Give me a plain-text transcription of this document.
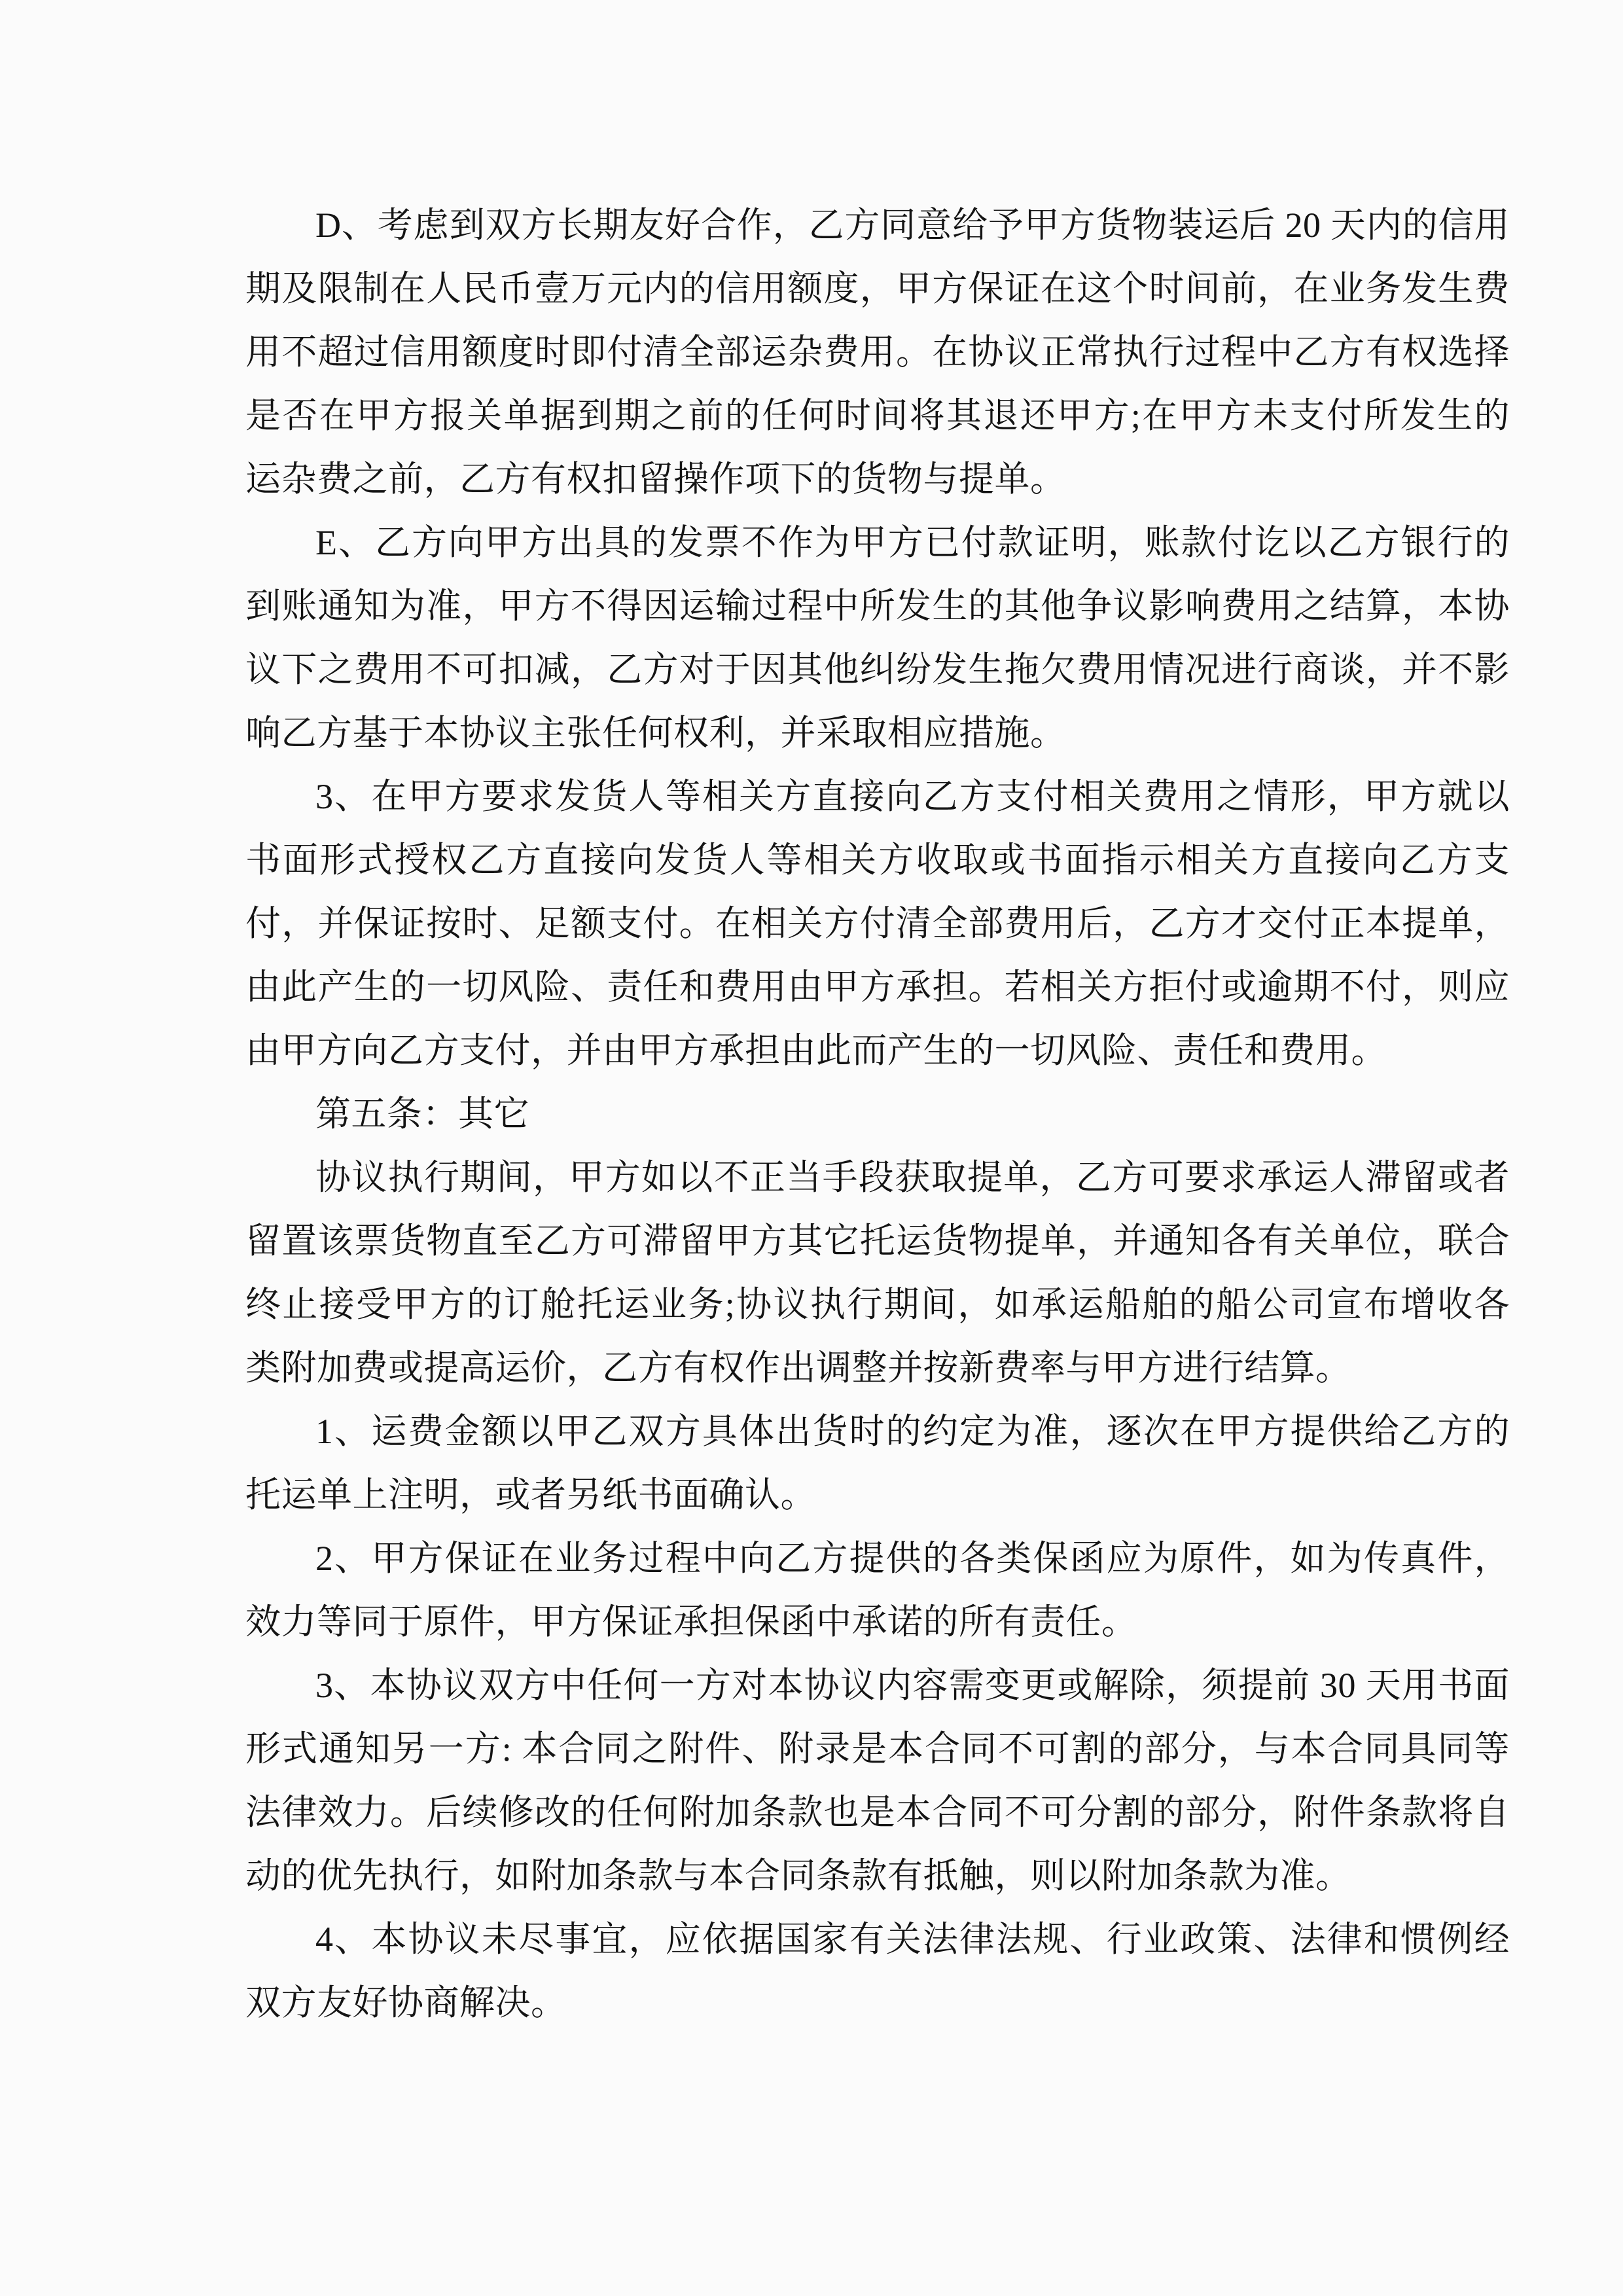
D、考虑到双方长期友好合作，乙方同意给予甲方货物装运后 20 天内的信用
期及限制在人民币壹万元内的信用额度，甲方保证在这个时间前，在业务发生费
用不超过信用额度时即付清全部运杂费用。在协议正常执行过程中乙方有权选择
是否在甲方报关单据到期之前的任何时间将其退还甲方;在甲方未支付所发生的
运杂费之前，乙方有权扣留操作项下的货物与提单。
E、乙方向甲方出具的发票不作为甲方已付款证明，账款付讫以乙方银行的
到账通知为准，甲方不得因运输过程中所发生的其他争议影响费用之结算，本协
议下之费用不可扣减，乙方对于因其他纠纷发生拖欠费用情况进行商谈，并不影
响乙方基于本协议主张任何权利，并采取相应措施。
3、在甲方要求发货人等相关方直接向乙方支付相关费用之情形，甲方就以
书面形式授权乙方直接向发货人等相关方收取或书面指示相关方直接向乙方支
付，并保证按时、足额支付。在相关方付清全部费用后，乙方才交付正本提单，
由此产生的一切风险、责任和费用由甲方承担。若相关方拒付或逾期不付，则应
由甲方向乙方支付，并由甲方承担由此而产生的一切风险、责任和费用。
第五条：其它
协议执行期间，甲方如以不正当手段获取提单，乙方可要求承运人滞留或者
留置该票货物直至乙方可滞留甲方其它托运货物提单，并通知各有关单位，联合
终止接受甲方的订舱托运业务;协议执行期间，如承运船舶的船公司宣布增收各
类附加费或提高运价，乙方有权作出调整并按新费率与甲方进行结算。
1、运费金额以甲乙双方具体出货时的约定为准，逐次在甲方提供给乙方的
托运单上注明，或者另纸书面确认。
2、甲方保证在业务过程中向乙方提供的各类保函应为原件，如为传真件，
效力等同于原件，甲方保证承担保函中承诺的所有责任。
3、本协议双方中任何一方对本协议内容需变更或解除，须提前 30 天用书面
形式通知另一方: 本合同之附件、附录是本合同不可割的部分，与本合同具同等
法律效力。后续修改的任何附加条款也是本合同不可分割的部分，附件条款将自
动的优先执行，如附加条款与本合同条款有抵触，则以附加条款为准。
4、本协议未尽事宜，应依据国家有关法律法规、行业政策、法律和惯例经
双方友好协商解决。
